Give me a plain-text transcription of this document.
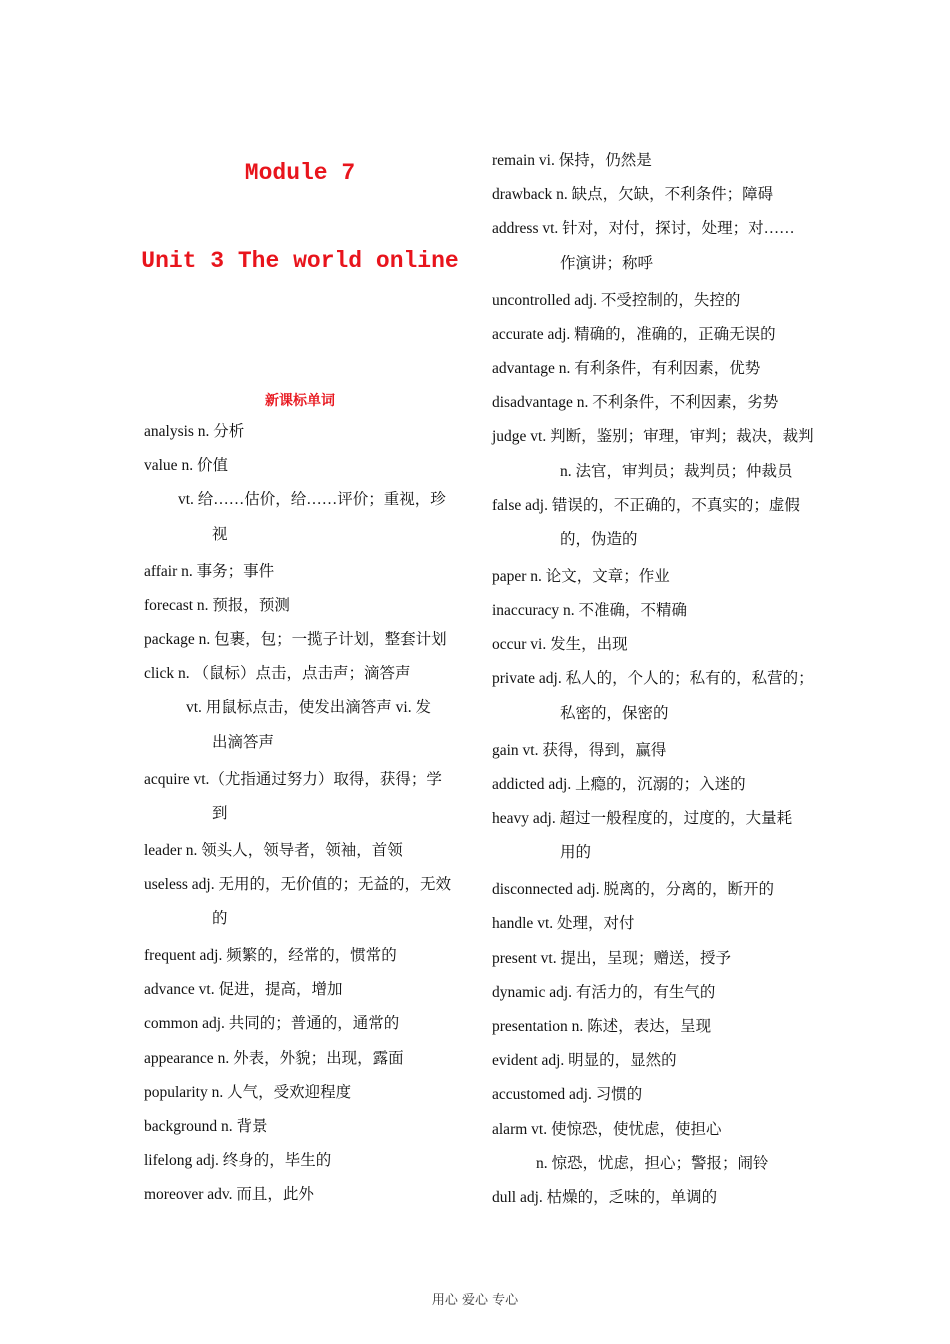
Module 7
Unit 3 The world online
新课标单词
analysis n. 分析
value n. 价值
vt. 给……估价，给……评价；重视，珍
视
affair n. 事务；事件
forecast n. 预报，预测
package n. 包裹，包；一揽子计划，整套计划
click n. （鼠标）点击，点击声；滴答声
vt. 用鼠标点击，使发出滴答声 vi. 发
出滴答声
acquire vt.（尤指通过努力）取得，获得；学
到
leader n. 领头人，领导者，领袖，首领
useless adj. 无用的，无价值的；无益的，无效
的
frequent adj. 频繁的，经常的，惯常的
advance vt. 促进，提高，增加
common adj. 共同的；普通的，通常的
appearance n. 外表，外貌；出现，露面
popularity n. 人气，受欢迎程度
background n. 背景
lifelong adj. 终身的，毕生的
moreover adv. 而且，此外
remain vi. 保持，仍然是
drawback n. 缺点，欠缺，不利条件；障碍
address vt. 针对，对付，探讨，处理；对……
作演讲；称呼
uncontrolled adj. 不受控制的，失控的
accurate adj. 精确的，准确的，正确无误的
advantage n. 有利条件，有利因素，优势
disadvantage n. 不利条件，不利因素，劣势
judge vt. 判断，鉴别；审理，审判；裁决，裁判
n. 法官，审判员；裁判员；仲裁员
false adj. 错误的，不正确的，不真实的；虚假
的，伪造的
paper n. 论文，文章；作业
inaccuracy n. 不准确，不精确
occur vi. 发生，出现
private adj. 私人的，个人的；私有的，私营的；
私密的，保密的
gain vt. 获得，得到，赢得
addicted adj. 上瘾的，沉溺的；入迷的
heavy adj. 超过一般程度的，过度的，大量耗
用的
disconnected adj. 脱离的，分离的，断开的
handle vt. 处理，对付
present vt. 提出，呈现；赠送，授予
dynamic adj. 有活力的，有生气的
presentation n. 陈述，表达，呈现
evident adj. 明显的，显然的
accustomed adj. 习惯的
alarm vt. 使惊恐，使忧虑，使担心
n. 惊恐，忧虑，担心；警报；闹铃
dull adj. 枯燥的，乏味的，单调的
用心 爱心 专心
